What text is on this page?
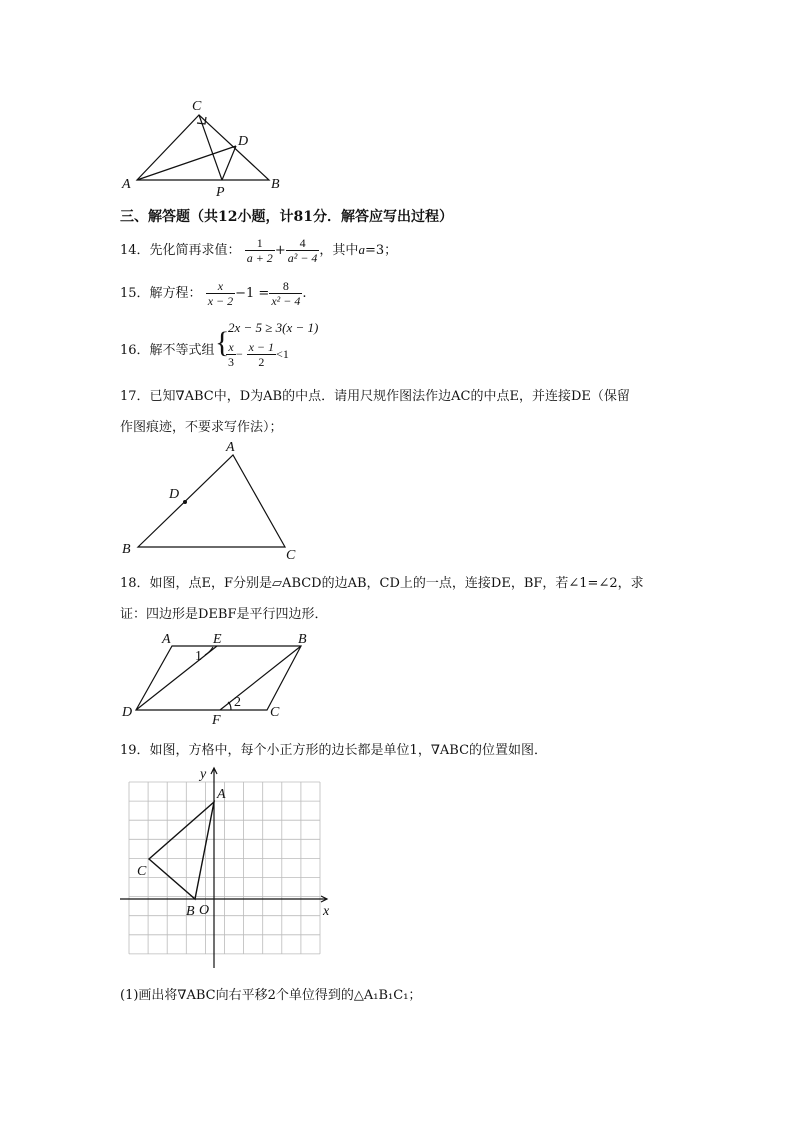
C
D
A	B
P
三、解答题（共12小题，计81分．解答应写出过程）
14．先化简再求值： $\frac{1}{a + 2} + \frac{4}{\text{a² − 4}}$ ，其中a=3；
15．解方程： $\frac{x}{x - 2} -1 = \frac{8}{\text{x² − 4}}$ .
16．解不等式组 {
2x − 5 ≥ 3(x − 1)
$\frac{x}{3} - \frac{x - 1}{2} <1$
17．已知∇ABC中，D为AB的中点．请用尺规作图法作边AC的中点E，并连接DE（保留
作图痕迹，不要求写作法）；
A
D
B	C
18．如图，点E，F分别是▱ABCD的边AB，CD上的一点，连接DE，BF，若∠1=∠2，求
证：四边形是DEBF是平行四边形．
A	E	B
D
F
C
1
2
19．如图，方格中，每个小正方形的边长都是单位1，∇ABC的位置如图．
A
C
B O	x
y
(1)画出将∇ABC向右平移2个单位得到的△A₁B₁C₁；
